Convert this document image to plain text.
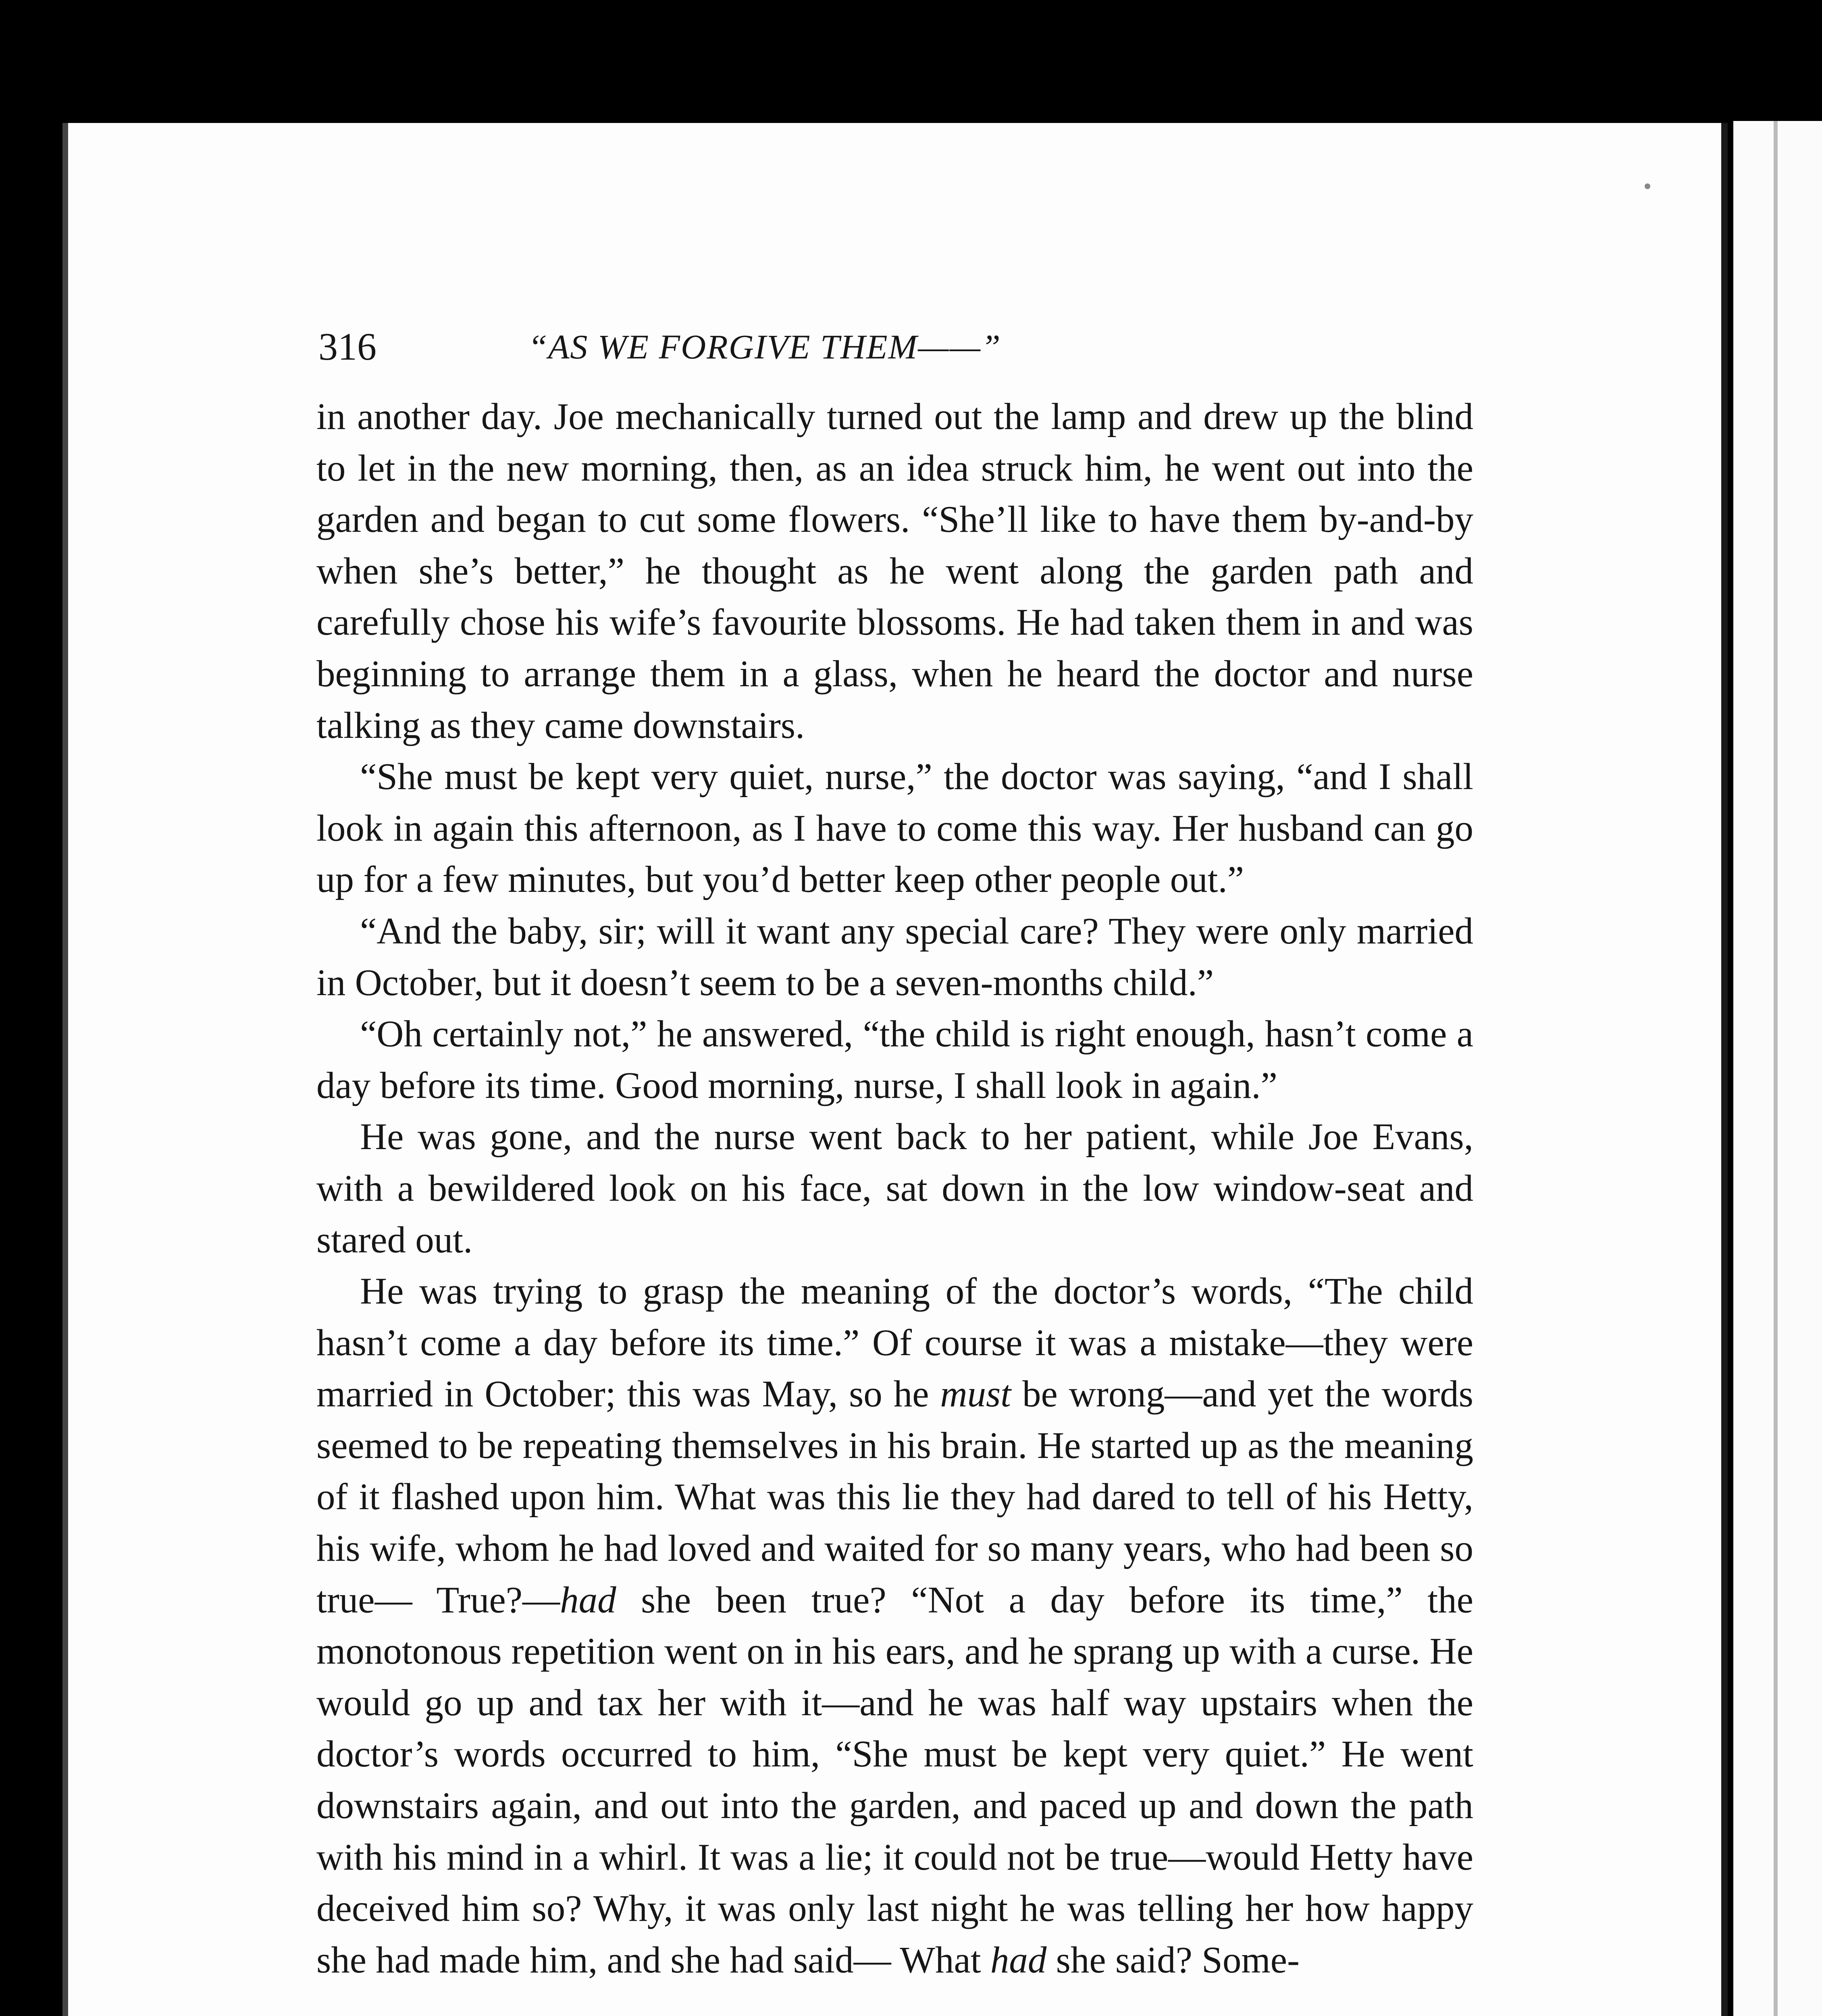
316	“AS WE FORGIVE THEM——”

in another day. Joe mechanically turned out the lamp and drew up the blind to let in the new morning, then, as an idea struck him, he went out into the garden and began to cut some flowers. “She’ll like to have them by-and-by when she’s better,” he thought as he went along the garden path and carefully chose his wife’s favourite blossoms. He had taken them in and was beginning to arrange them in a glass, when he heard the doctor and nurse talking as they came downstairs.

“She must be kept very quiet, nurse,” the doctor was saying, “and I shall look in again this afternoon, as I have to come this way. Her husband can go up for a few minutes, but you’d better keep other people out.”

“And the baby, sir; will it want any special care? They were only married in October, but it doesn’t seem to be a seven-months child.”

“Oh certainly not,” he answered, “the child is right enough, hasn’t come a day before its time. Good morning, nurse, I shall look in again.”

He was gone, and the nurse went back to her patient, while Joe Evans, with a bewildered look on his face, sat down in the low window-seat and stared out.

He was trying to grasp the meaning of the doctor’s words, “The child hasn’t come a day before its time.” Of course it was a mistake—they were married in October; this was May, so he must be wrong—and yet the words seemed to be repeating themselves in his brain. He started up as the meaning of it flashed upon him. What was this lie they had dared to tell of his Hetty, his wife, whom he had loved and waited for so many years, who had been so true— True?—had she been true? “Not a day before its time,” the monotonous repetition went on in his ears, and he sprang up with a curse. He would go up and tax her with it—and he was half way upstairs when the doctor’s words occurred to him, “She must be kept very quiet.” He went downstairs again, and out into the garden, and paced up and down the path with his mind in a whirl. It was a lie; it could not be true—would Hetty have deceived him so? Why, it was only last night he was telling her how happy she had made him, and she had said— What had she said? Some-
